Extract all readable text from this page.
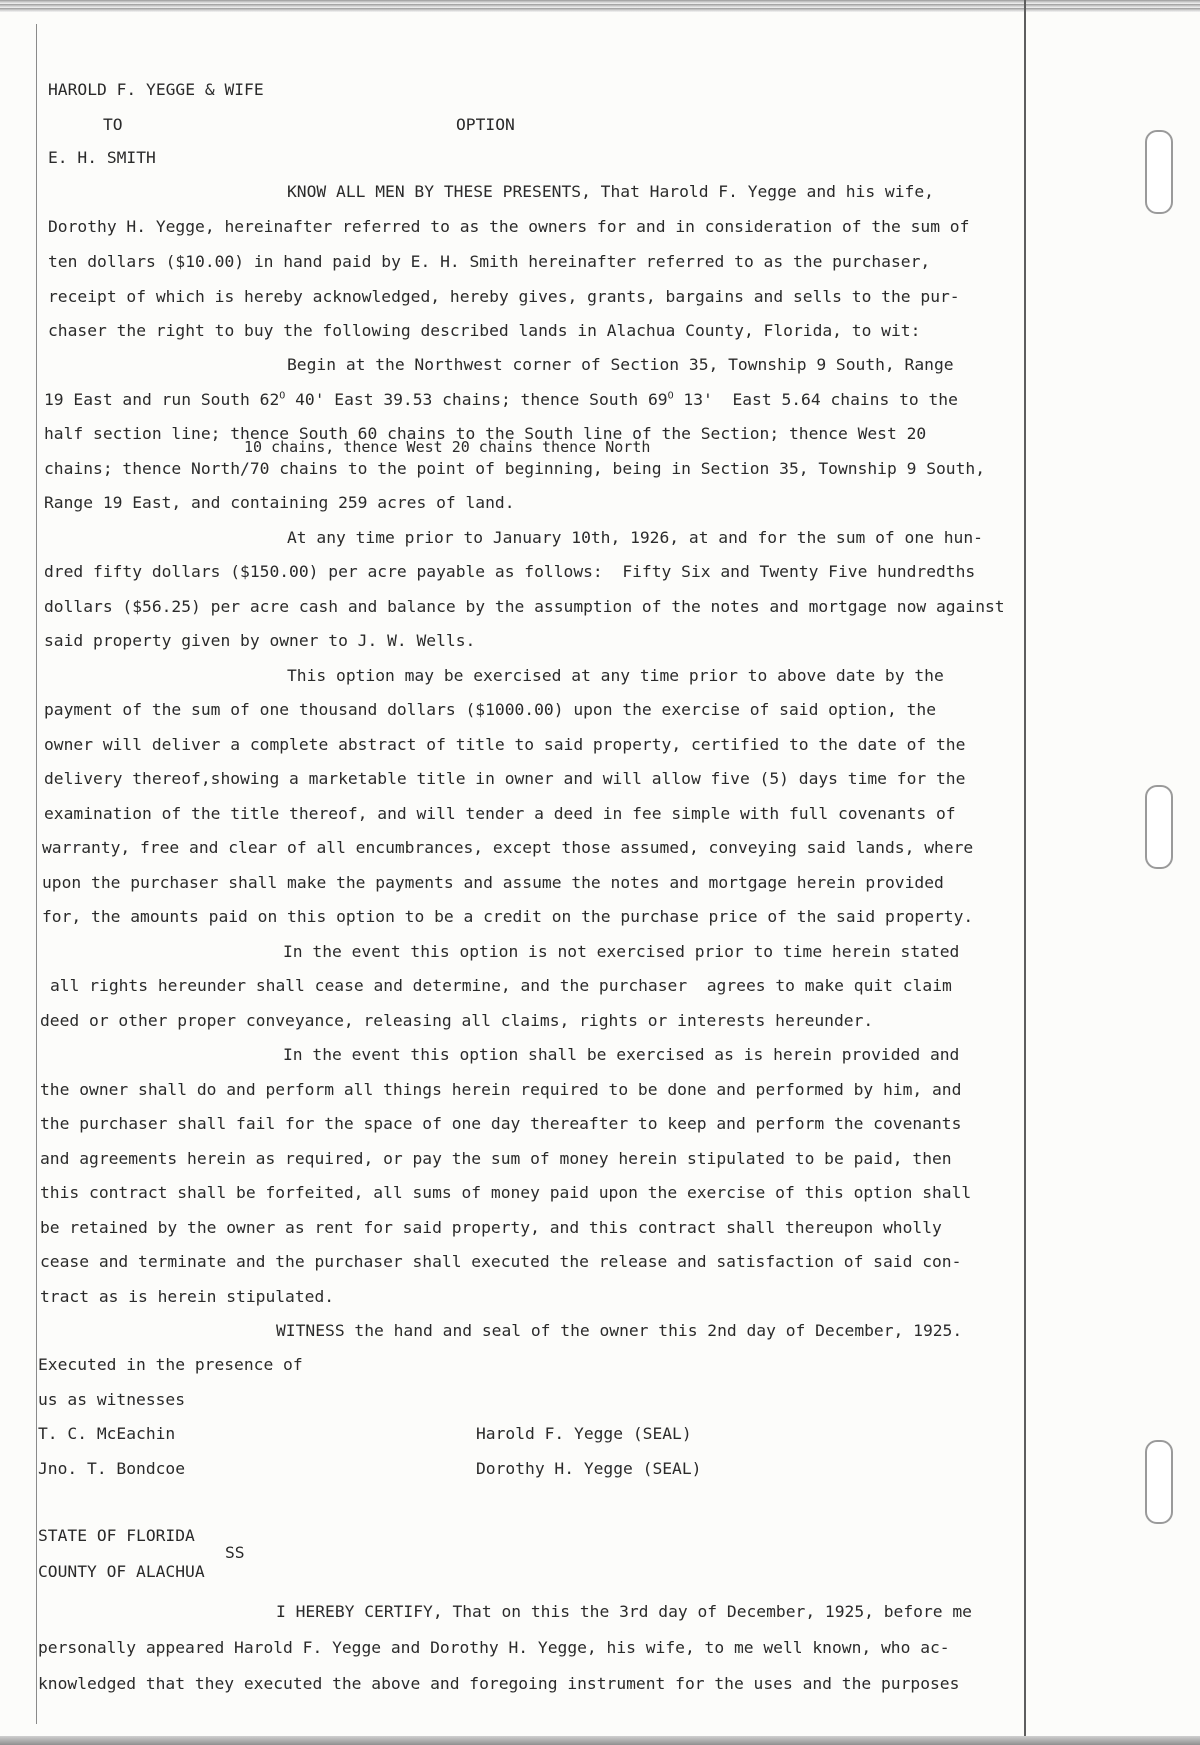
HAROLD F. YEGGE & WIFE
TO	OPTION
E. H. SMITH
KNOW ALL MEN BY THESE PRESENTS, That Harold F. Yegge and his wife,
Dorothy H. Yegge, hereinafter referred to as the owners for and in consideration of the sum of
ten dollars ($10.00) in hand paid by E. H. Smith hereinafter referred to as the purchaser,
receipt of which is hereby acknowledged, hereby gives, grants, bargains and sells to the pur-
chaser the right to buy the following described lands in Alachua County, Florida, to wit:
Begin at the Northwest corner of Section 35, Township 9 South, Range
19 East and run South $62^O$ 40' East 39.53 chains; thence South $69^O$ 13'  East 5.64 chains to the
half section line; thence South 60 chains to the South line of the Section; thence West 20
10 chains, thence West 20 chains thence North
chains; thence North/70 chains to the point of beginning, being in Section 35, Township 9 South,
Range 19 East, and containing 259 acres of land.
At any time prior to January 10th, 1926, at and for the sum of one hun-
dred fifty dollars ($150.00) per acre payable as follows:  Fifty Six and Twenty Five hundredths
dollars ($56.25) per acre cash and balance by the assumption of the notes and mortgage now against
said property given by owner to J. W. Wells.
This option may be exercised at any time prior to above date by the
payment of the sum of one thousand dollars ($1000.00) upon the exercise of said option, the
owner will deliver a complete abstract of title to said property, certified to the date of the
delivery thereof,showing a marketable title in owner and will allow five (5) days time for the
examination of the title thereof, and will tender a deed in fee simple with full covenants of
warranty, free and clear of all encumbrances, except those assumed, conveying said lands, where
upon the purchaser shall make the payments and assume the notes and mortgage herein provided
for, the amounts paid on this option to be a credit on the purchase price of the said property.
In the event this option is not exercised prior to time herein stated
all rights hereunder shall cease and determine, and the purchaser  agrees to make quit claim
deed or other proper conveyance, releasing all claims, rights or interests hereunder.
In the event this option shall be exercised as is herein provided and
the owner shall do and perform all things herein required to be done and performed by him, and
the purchaser shall fail for the space of one day thereafter to keep and perform the covenants
and agreements herein as required, or pay the sum of money herein stipulated to be paid, then
this contract shall be forfeited, all sums of money paid upon the exercise of this option shall
be retained by the owner as rent for said property, and this contract shall thereupon wholly
cease and terminate and the purchaser shall executed the release and satisfaction of said con-
tract as is herein stipulated.
WITNESS the hand and seal of the owner this 2nd day of December, 1925.
Executed in the presence of
us as witnesses
T. C. McEachin	Harold F. Yegge (SEAL)
Jno. T. Bondcoe	Dorothy H. Yegge (SEAL)
STATE OF FLORIDA
SS
COUNTY OF ALACHUA
I HEREBY CERTIFY, That on this the 3rd day of December, 1925, before me
personally appeared Harold F. Yegge and Dorothy H. Yegge, his wife, to me well known, who ac-
knowledged that they executed the above and foregoing instrument for the uses and the purposes
